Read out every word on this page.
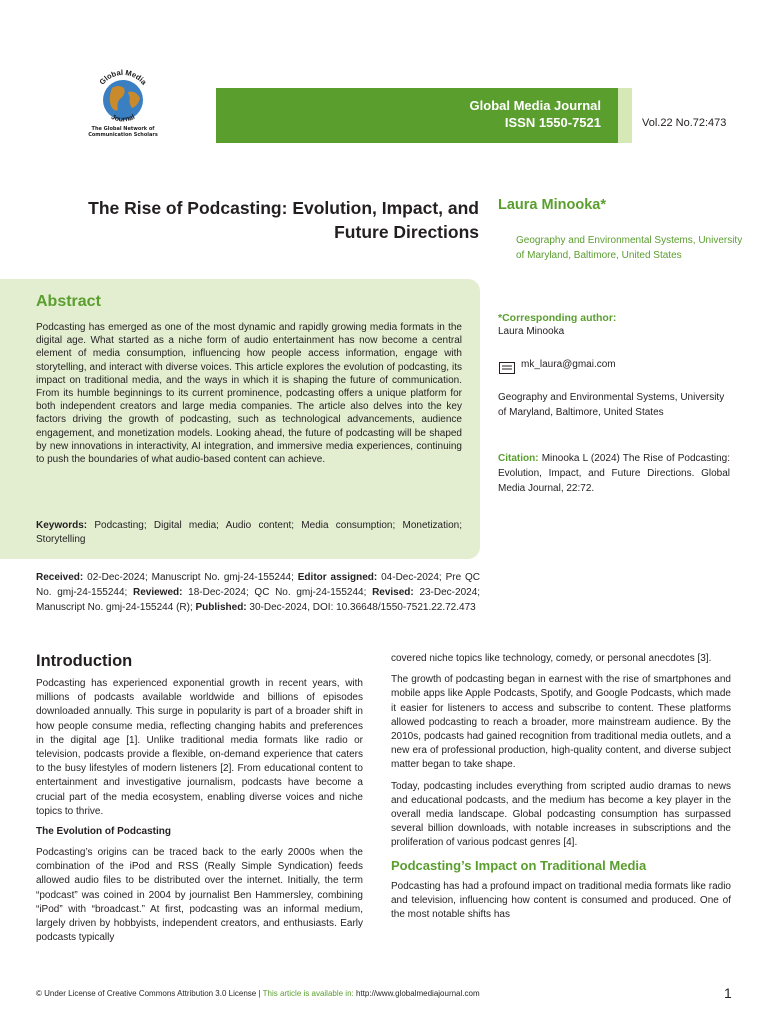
Global Media
Journal
The Global Network of Communication Scholars
Global Media Journal
ISSN 1550-7521	Vol.22 No.72:473
The Rise of Podcasting: Evolution, Impact, and Future Directions
Laura Minooka*
Geography and Environmental Systems, University of Maryland, Baltimore, United States
Abstract
Podcasting has emerged as one of the most dynamic and rapidly growing media formats in the digital age. What started as a niche form of audio entertainment has now become a central element of media consumption, influencing how people access information, engage with storytelling, and interact with diverse voices. This article explores the evolution of podcasting, its impact on traditional media, and the ways in which it is shaping the future of communication. From its humble beginnings to its current prominence, podcasting offers a unique platform for both independent creators and large media companies. The article also delves into the key factors driving the growth of podcasting, such as technological advancements, audience engagement, and monetization models. Looking ahead, the future of podcasting will be shaped by new innovations in interactivity, AI integration, and immersive media experiences, continuing to push the boundaries of what audio-based content can achieve.
Keywords: Podcasting; Digital media; Audio content; Media consumption; Monetization; Storytelling
*Corresponding author:
Laura Minooka
mk_laura@gmai.com
Geography and Environmental Systems, University of Maryland, Baltimore, United States
Citation: Minooka L (2024) The Rise of Podcasting: Evolution, Impact, and Future Directions. Global Media Journal, 22:72.
Received: 02-Dec-2024; Manuscript No. gmj-24-155244; Editor assigned: 04-Dec-2024; Pre QC No. gmj-24-155244; Reviewed: 18-Dec-2024; QC No. gmj-24-155244; Revised: 23-Dec-2024; Manuscript No. gmj-24-155244 (R); Published: 30-Dec-2024, DOI: 10.36648/1550-7521.22.72.473
Introduction

Podcasting has experienced exponential growth in recent years, with millions of podcasts available worldwide and billions of episodes downloaded annually. This surge in popularity is part of a broader shift in how people consume media, reflecting changing habits and preferences in the digital age [1]. Unlike traditional media formats like radio or television, podcasts provide a flexible, on-demand experience that caters to the busy lifestyles of modern listeners [2]. From educational content to entertainment and investigative journalism, podcasts have become a crucial part of the media ecosystem, enabling diverse voices and niche topics to thrive.

The Evolution of Podcasting

Podcasting’s origins can be traced back to the early 2000s when the combination of the iPod and RSS (Really Simple Syndication) feeds allowed audio files to be distributed over the internet. Initially, the term “podcast” was coined in 2004 by journalist Ben Hammersley, combining “iPod” with “broadcast.” At first, podcasting was an informal medium, largely driven by hobbyists, independent creators, and enthusiasts. Early podcasts typically

covered niche topics like technology, comedy, or personal anecdotes [3].

The growth of podcasting began in earnest with the rise of smartphones and mobile apps like Apple Podcasts, Spotify, and Google Podcasts, which made it easier for listeners to access and subscribe to content. These platforms allowed podcasting to reach a broader, more mainstream audience. By the 2010s, podcasts had gained recognition from traditional media outlets, and a new era of professional production, high-quality content, and diverse subject matter began to take shape.

Today, podcasting includes everything from scripted audio dramas to news and educational podcasts, and the medium has become a key player in the overall media landscape. Global podcasting consumption has surpassed several billion downloads, with notable increases in subscriptions and the proliferation of various podcast genres [4].

Podcasting’s Impact on Traditional Media

Podcasting has had a profound impact on traditional media formats like radio and television, influencing how content is consumed and produced. One of the most notable shifts has

© Under License of Creative Commons Attribution 3.0 License | This article is available in: http://www.globalmediajournal.com	1
